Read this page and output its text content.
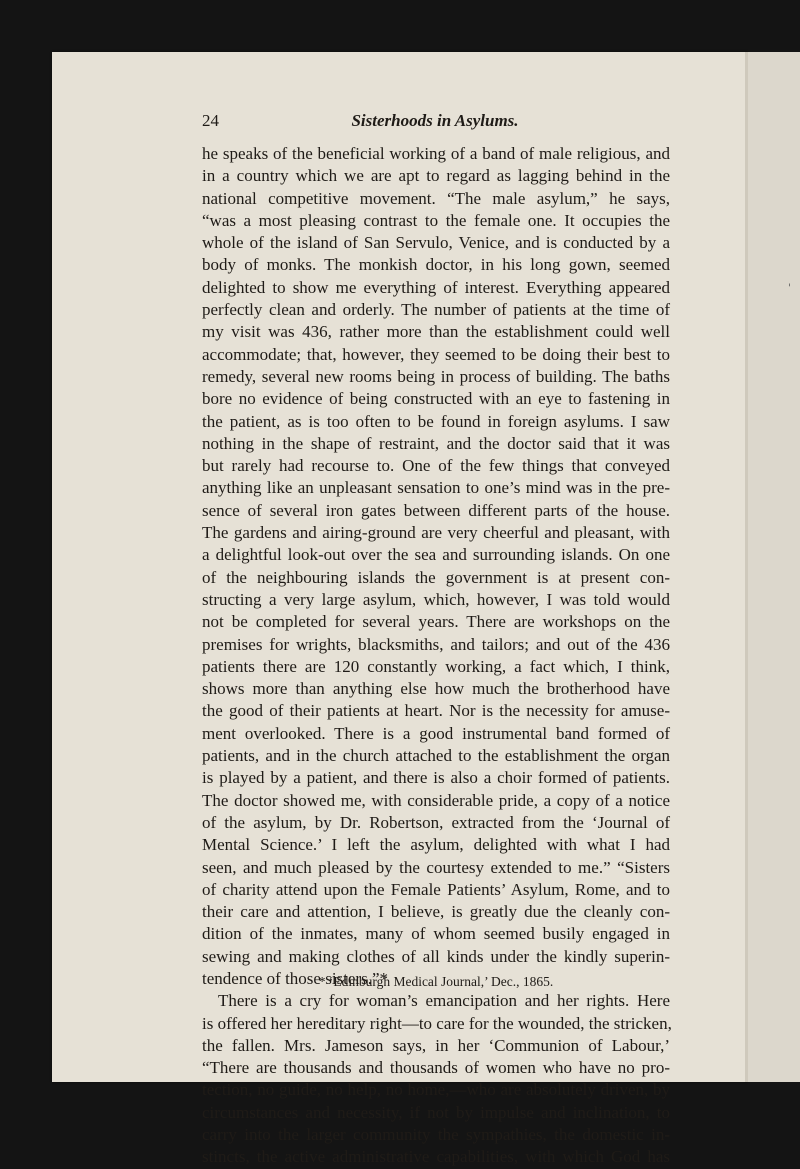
'
24	Sisterhoods in Asylums.
he speaks of the beneficial working of a band of male religious, and
in a country which we are apt to regard as lagging behind in the
national competitive movement. “The male asylum,” he says,
“was a most pleasing contrast to the female one. It occupies the
whole of the island of San Servulo, Venice, and is conducted by a
body of monks. The monkish doctor, in his long gown, seemed
delighted to show me everything of interest. Everything appeared
perfectly clean and orderly. The number of patients at the time of
my visit was 436, rather more than the establishment could well
accommodate; that, however, they seemed to be doing their best to
remedy, several new rooms being in process of building. The baths
bore no evidence of being constructed with an eye to fastening in
the patient, as is too often to be found in foreign asylums. I saw
nothing in the shape of restraint, and the doctor said that it was
but rarely had recourse to. One of the few things that conveyed
anything like an unpleasant sensation to one’s mind was in the pre-
sence of several iron gates between different parts of the house.
The gardens and airing-ground are very cheerful and pleasant, with
a delightful look-out over the sea and surrounding islands. On one
of the neighbouring islands the government is at present con-
structing a very large asylum, which, however, I was told would
not be completed for several years. There are workshops on the
premises for wrights, blacksmiths, and tailors; and out of the 436
patients there are 120 constantly working, a fact which, I think,
shows more than anything else how much the brotherhood have
the good of their patients at heart. Nor is the necessity for amuse-
ment overlooked. There is a good instrumental band formed of
patients, and in the church attached to the establishment the organ
is played by a patient, and there is also a choir formed of patients.
The doctor showed me, with considerable pride, a copy of a notice
of the asylum, by Dr. Robertson, extracted from the ‘Journal of
Mental Science.’ I left the asylum, delighted with what I had
seen, and much pleased by the courtesy extended to me.” “Sisters
of charity attend upon the Female Patients’ Asylum, Rome, and to
their care and attention, I believe, is greatly due the cleanly con-
dition of the inmates, many of whom seemed busily engaged in
sewing and making clothes of all kinds under the kindly superin-
tendence of those sisters.”*
There is a cry for woman’s emancipation and her rights. Here
is offered her hereditary right—to care for the wounded, the stricken,
the fallen. Mrs. Jameson says, in her ‘Communion of Labour,’
“There are thousands and thousands of women who have no pro-
tection, no guide, no help, no home,—who are absolutely driven, by
circumstances and necessity, if not by impulse and inclination, to
carry into the larger community the sympathies, the domestic in-
stincts, the active administrative capabilities, with which God has
* ‘Edinburgh Medical Journal,’ Dec., 1865.
